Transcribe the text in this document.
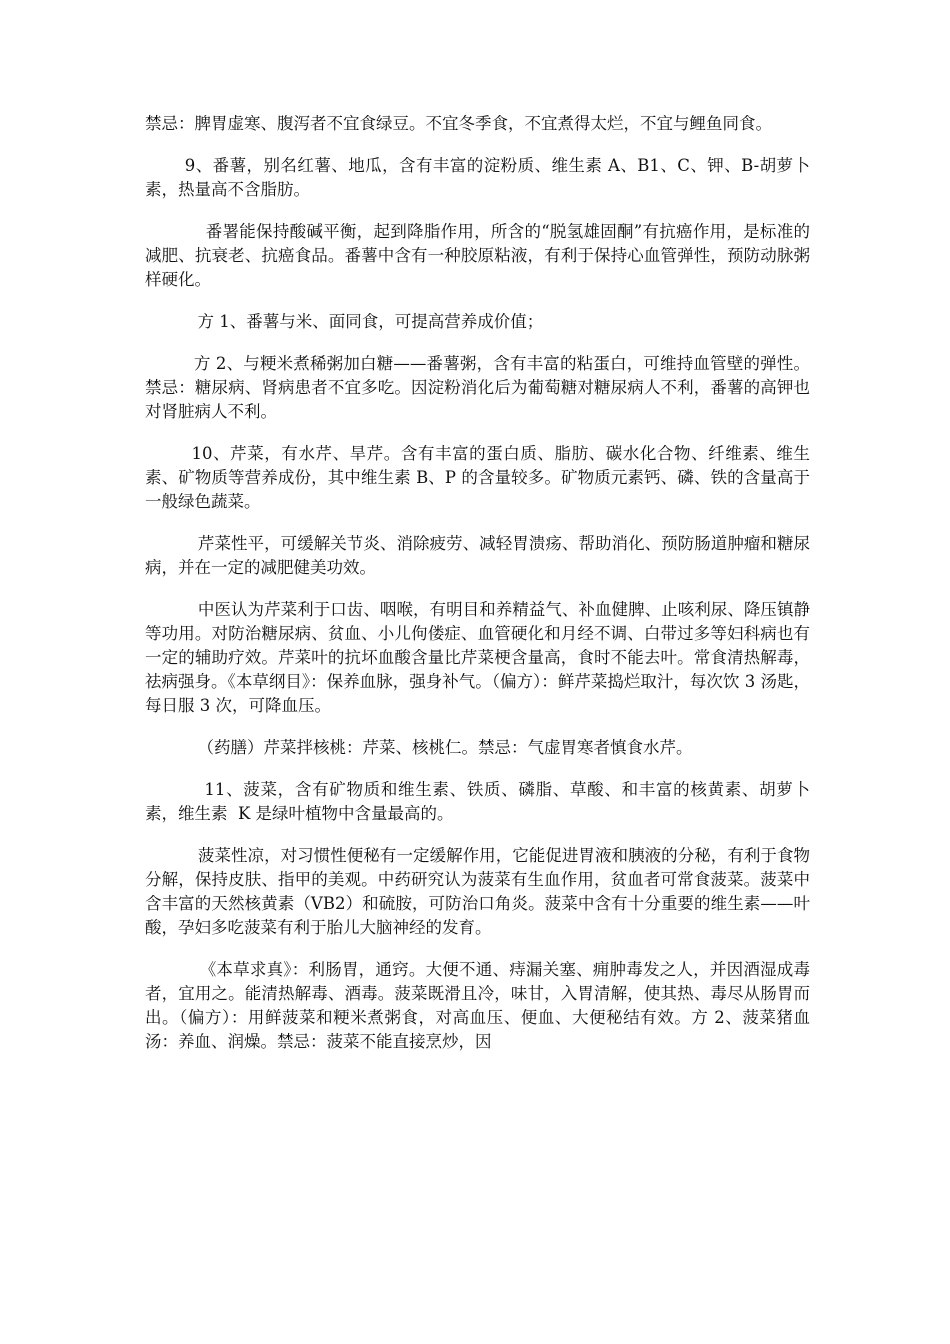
禁忌：脾胃虚寒、腹泻者不宜食绿豆。不宜冬季食，不宜煮得太烂，不宜与鲤鱼同食。

9、番薯，别名红薯、地瓜，含有丰富的淀粉质、维生素 A、B1、C、钾、B-胡萝卜素，热量高不含脂肪。

番署能保持酸碱平衡，起到降脂作用，所含的“脱氢雄固酮”有抗癌作用，是标准的减肥、抗衰老、抗癌食品。番薯中含有一种胶原粘液，有利于保持心血管弹性，预防动脉粥样硬化。

方 1、番薯与米、面同食，可提高营养成价值；

方 2、与粳米煮稀粥加白糖——番薯粥，含有丰富的粘蛋白，可维持血管壁的弹性。禁忌：糖尿病、肾病患者不宜多吃。因淀粉消化后为葡萄糖对糖尿病人不利，番薯的高钾也对肾脏病人不利。

10、芹菜，有水芹、旱芹。含有丰富的蛋白质、脂肪、碳水化合物、纤维素、维生素、矿物质等营养成份，其中维生素 B、P 的含量较多。矿物质元素钙、磷、铁的含量高于一般绿色蔬菜。

芹菜性平，可缓解关节炎、消除疲劳、减轻胃溃疡、帮助消化、预防肠道肿瘤和糖尿病，并在一定的减肥健美功效。

中医认为芹菜利于口齿、咽喉，有明目和养精益气、补血健脾、止咳利尿、降压镇静等功用。对防治糖尿病、贫血、小儿佝偻症、血管硬化和月经不调、白带过多等妇科病也有一定的辅助疗效。芹菜叶的抗坏血酸含量比芹菜梗含量高，食时不能去叶。常食清热解毒，祛病强身。《本草纲目》：保养血脉，强身补气。（偏方）：鲜芹菜捣烂取汁，每次饮 3 汤匙，每日服 3 次，可降血压。

（药膳）芹菜拌核桃：芹菜、核桃仁。禁忌：气虚胃寒者慎食水芹。

11、菠菜，含有矿物质和维生素、铁质、磷脂、草酸、和丰富的核黄素、胡萝卜素，维生素  K 是绿叶植物中含量最高的。

菠菜性凉，对习惯性便秘有一定缓解作用，它能促进胃液和胰液的分秘，有利于食物分解，保持皮肤、指甲的美观。中药研究认为菠菜有生血作用，贫血者可常食菠菜。菠菜中含丰富的天然核黄素（VB2）和硫胺，可防治口角炎。菠菜中含有十分重要的维生素——叶酸，孕妇多吃菠菜有利于胎儿大脑神经的发育。

《本草求真》：利肠胃，通窍。大便不通、痔漏关塞、痈肿毒发之人，并因酒湿成毒者，宜用之。能清热解毒、酒毒。菠菜既滑且冷，味甘，入胃清解，使其热、毒尽从肠胃而出。（偏方）：用鲜菠菜和粳米煮粥食，对高血压、便血、大便秘结有效。方 2、菠菜猪血汤：养血、润燥。禁忌：菠菜不能直接烹炒，因
